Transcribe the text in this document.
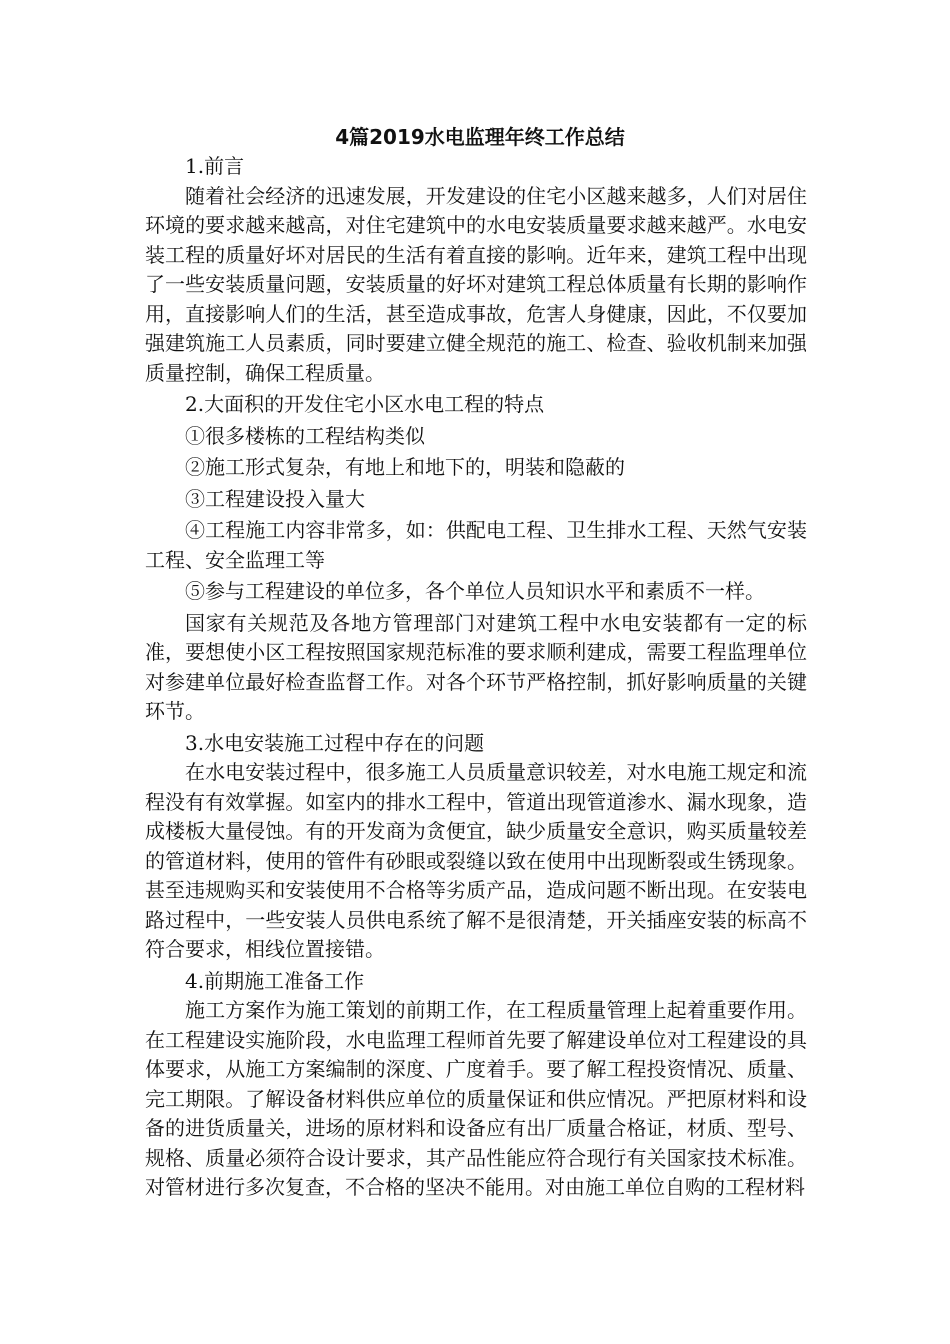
4篇2019水电监理年终工作总结

1.前言

随着社会经济的迅速发展，开发建设的住宅小区越来越多，人们对居住环境的要求越来越高，对住宅建筑中的水电安装质量要求越来越严。水电安装工程的质量好坏对居民的生活有着直接的影响。近年来，建筑工程中出现了一些安装质量问题，安装质量的好坏对建筑工程总体质量有长期的影响作用，直接影响人们的生活，甚至造成事故，危害人身健康，因此，不仅要加强建筑施工人员素质，同时要建立健全规范的施工、检查、验收机制来加强质量控制，确保工程质量。

2.大面积的开发住宅小区水电工程的特点

①很多楼栋的工程结构类似

②施工形式复杂，有地上和地下的，明装和隐蔽的

③工程建设投入量大

④工程施工内容非常多，如：供配电工程、卫生排水工程、天然气安装工程、安全监理工等

⑤参与工程建设的单位多，各个单位人员知识水平和素质不一样。

国家有关规范及各地方管理部门对建筑工程中水电安装都有一定的标准，要想使小区工程按照国家规范标准的要求顺利建成，需要工程监理单位对参建单位最好检查监督工作。对各个环节严格控制，抓好影响质量的关键环节。

3.水电安装施工过程中存在的问题

在水电安装过程中，很多施工人员质量意识较差，对水电施工规定和流程没有有效掌握。如室内的排水工程中，管道出现管道渗水、漏水现象，造成楼板大量侵蚀。有的开发商为贪便宜，缺少质量安全意识，购买质量较差的管道材料，使用的管件有砂眼或裂缝以致在使用中出现断裂或生锈现象。甚至违规购买和安装使用不合格等劣质产品，造成问题不断出现。在安装电路过程中，一些安装人员供电系统了解不是很清楚，开关插座安装的标高不符合要求，相线位置接错。

4.前期施工准备工作

施工方案作为施工策划的前期工作，在工程质量管理上起着重要作用。在工程建设实施阶段，水电监理工程师首先要了解建设单位对工程建设的具体要求，从施工方案编制的深度、广度着手。要了解工程投资情况、质量、完工期限。了解设备材料供应单位的质量保证和供应情况。严把原材料和设备的进货质量关，进场的原材料和设备应有出厂质量合格证，材质、型号、规格、质量必须符合设计要求，其产品性能应符合现行有关国家技术标准。对管材进行多次复查，不合格的坚决不能用。对由施工单位自购的工程材料
